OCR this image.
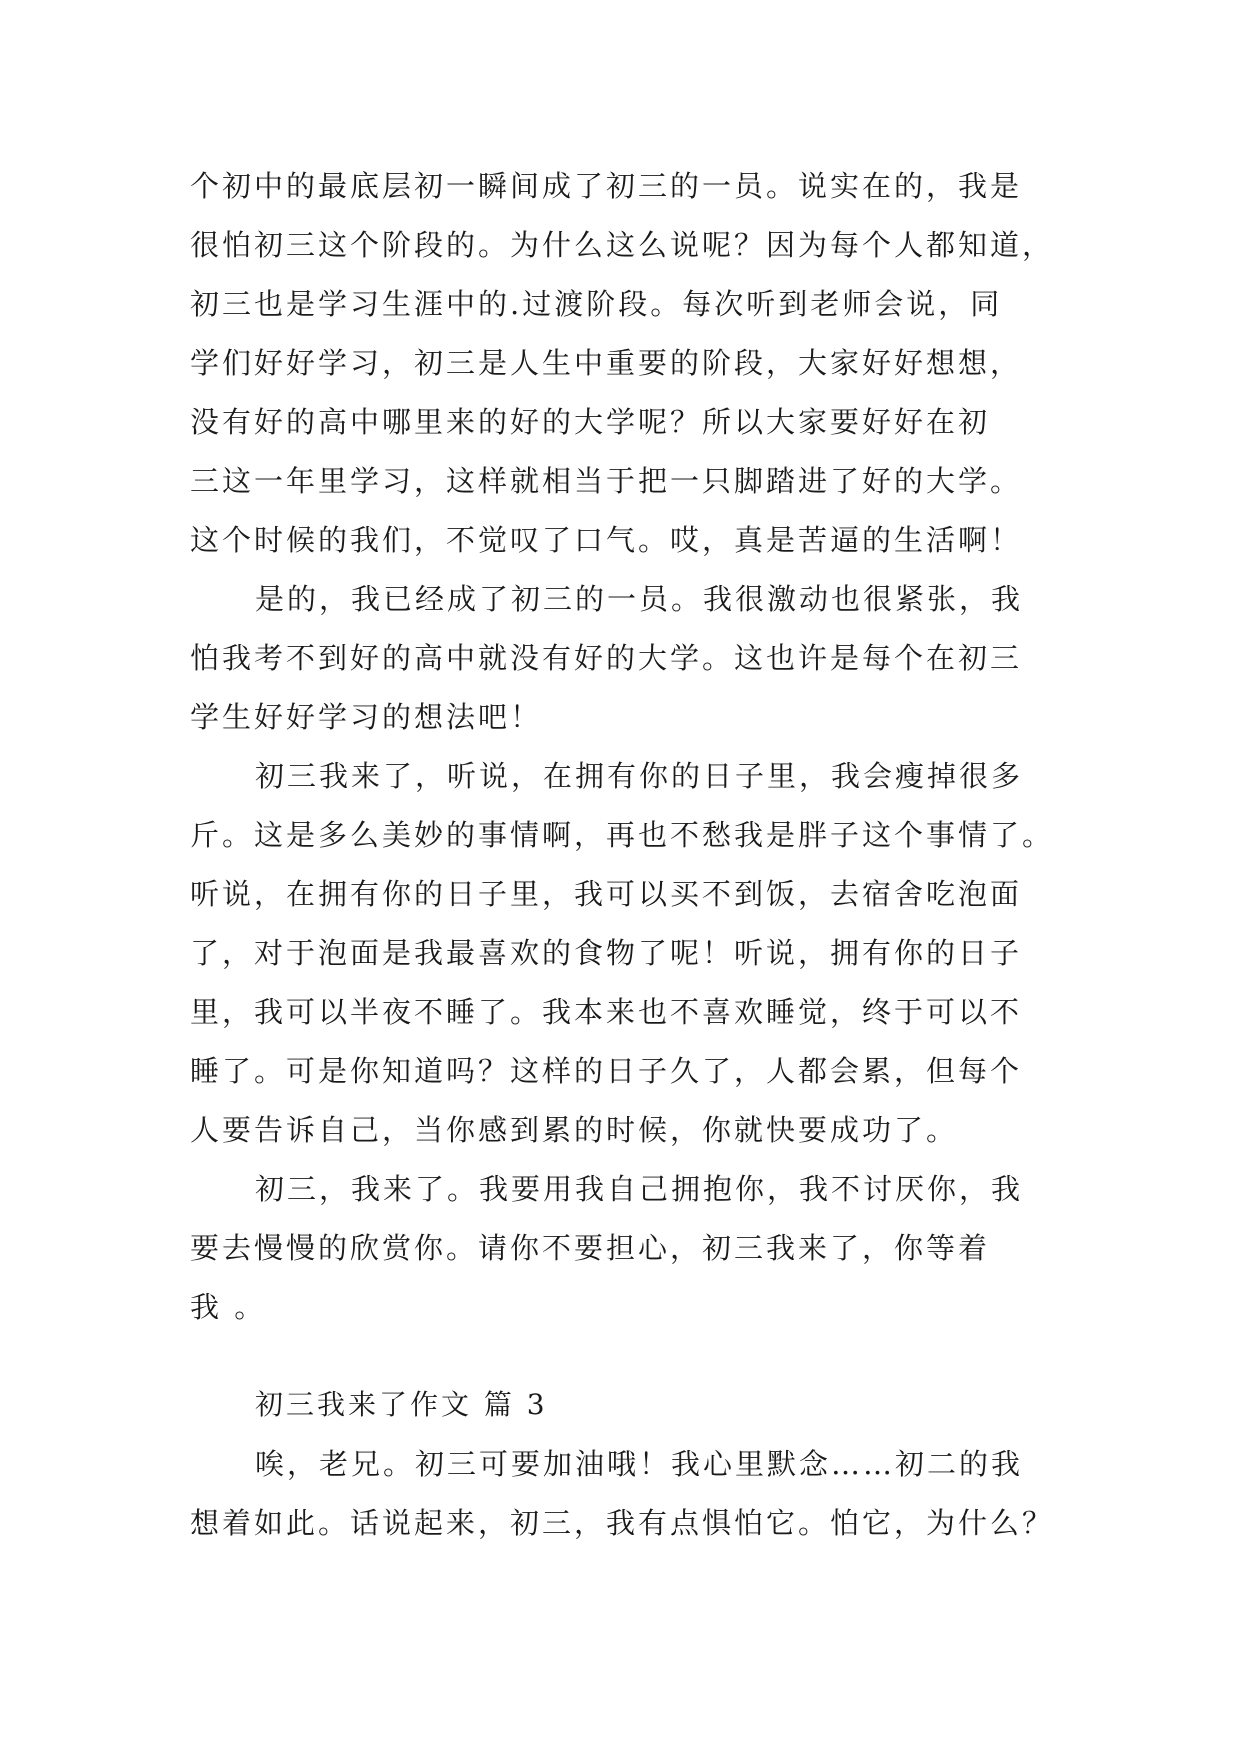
个初中的最底层初一瞬间成了初三的一员。说实在的，我是
很怕初三这个阶段的。为什么这么说呢？因为每个人都知道，
初三也是学习生涯中的.过渡阶段。每次听到老师会说，同
学们好好学习，初三是人生中重要的阶段，大家好好想想，
没有好的高中哪里来的好的大学呢？所以大家要好好在初
三这一年里学习，这样就相当于把一只脚踏进了好的大学。
这个时候的我们，不觉叹了口气。哎，真是苦逼的生活啊！
是的，我已经成了初三的一员。我很激动也很紧张，我
怕我考不到好的高中就没有好的大学。这也许是每个在初三
学生好好学习的想法吧！
初三我来了，听说，在拥有你的日子里，我会瘦掉很多
斤。这是多么美妙的事情啊，再也不愁我是胖子这个事情了。
听说，在拥有你的日子里，我可以买不到饭，去宿舍吃泡面
了，对于泡面是我最喜欢的食物了呢！听说，拥有你的日子
里，我可以半夜不睡了。我本来也不喜欢睡觉，终于可以不
睡了。可是你知道吗？这样的日子久了，人都会累，但每个
人要告诉自己，当你感到累的时候，你就快要成功了。
初三，我来了。我要用我自己拥抱你，我不讨厌你，我
要去慢慢的欣赏你。请你不要担心，初三我来了，你等着
我 。
初三我来了作文 篇 3
唉，老兄。初三可要加油哦！我心里默念……初二的我
想着如此。话说起来，初三，我有点惧怕它。怕它，为什么？
